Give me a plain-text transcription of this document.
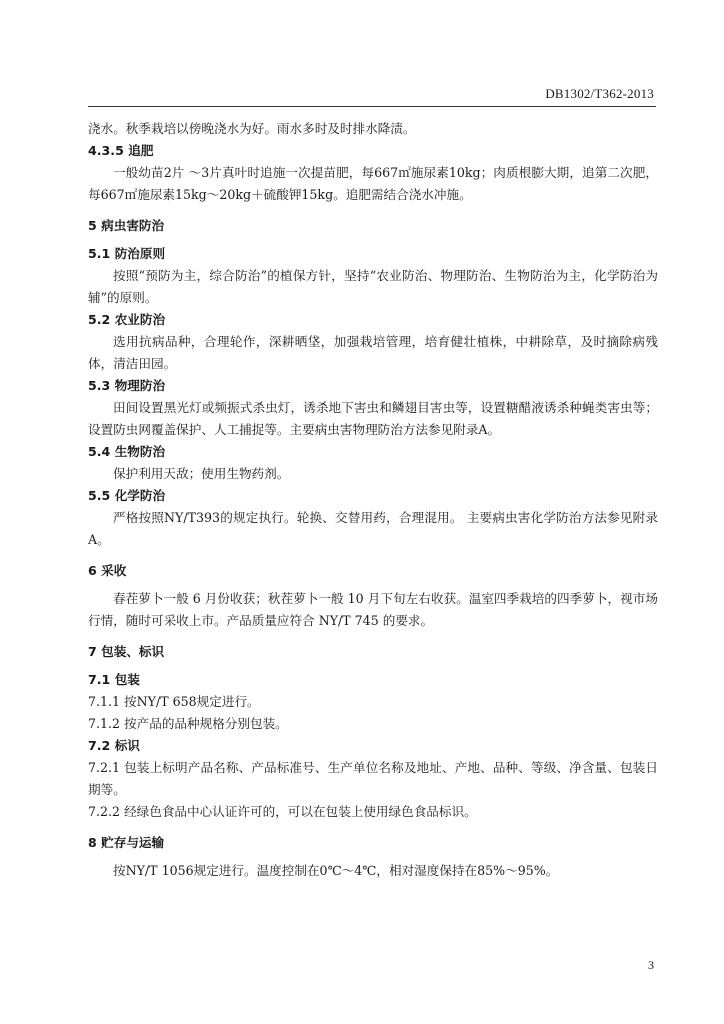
DB1302/T362-2013
浇水。秋季栽培以傍晚浇水为好。雨水多时及时排水降渍。
4.3.5 追肥
一般幼苗2片 ～3片真叶时追施一次提苗肥，每667㎡施尿素10kg；肉质根膨大期，追第二次肥，每667㎡施尿素15kg～20kg＋硫酸钾15kg。追肥需结合浇水冲施。
5 病虫害防治
5.1 防治原则
按照“预防为主，综合防治”的植保方针，坚持“农业防治、物理防治、生物防治为主，化学防治为辅”的原则。
5.2 农业防治
选用抗病品种，合理轮作，深耕晒垡，加强栽培管理，培育健壮植株，中耕除草，及时摘除病残体，清洁田园。
5.3 物理防治
田间设置黑光灯或频振式杀虫灯，诱杀地下害虫和鳞翅目害虫等，设置糖醋液诱杀种蝇类害虫等；设置防虫网覆盖保护、人工捕捉等。主要病虫害物理防治方法参见附录A。
5.4 生物防治
保护利用天敌；使用生物药剂。
5.5 化学防治
严格按照NY/T393的规定执行。轮换、交替用药，合理混用。 主要病虫害化学防治方法参见附录A。
6 采收
春茬萝卜一般 6 月份收获；秋茬萝卜一般 10 月下旬左右收获。温室四季栽培的四季萝卜，视市场行情，随时可采收上市。产品质量应符合 NY/T 745 的要求。
7 包装、标识
7.1 包装
7.1.1 按NY/T 658规定进行。
7.1.2 按产品的品种规格分别包装。
7.2 标识
7.2.1 包装上标明产品名称、产品标准号、生产单位名称及地址、产地、品种、等级、净含量、包装日期等。
7.2.2 经绿色食品中心认证许可的，可以在包装上使用绿色食品标识。
8 贮存与运输
按NY/T 1056规定进行。温度控制在0℃～4℃，相对湿度保持在85%～95%。
3
